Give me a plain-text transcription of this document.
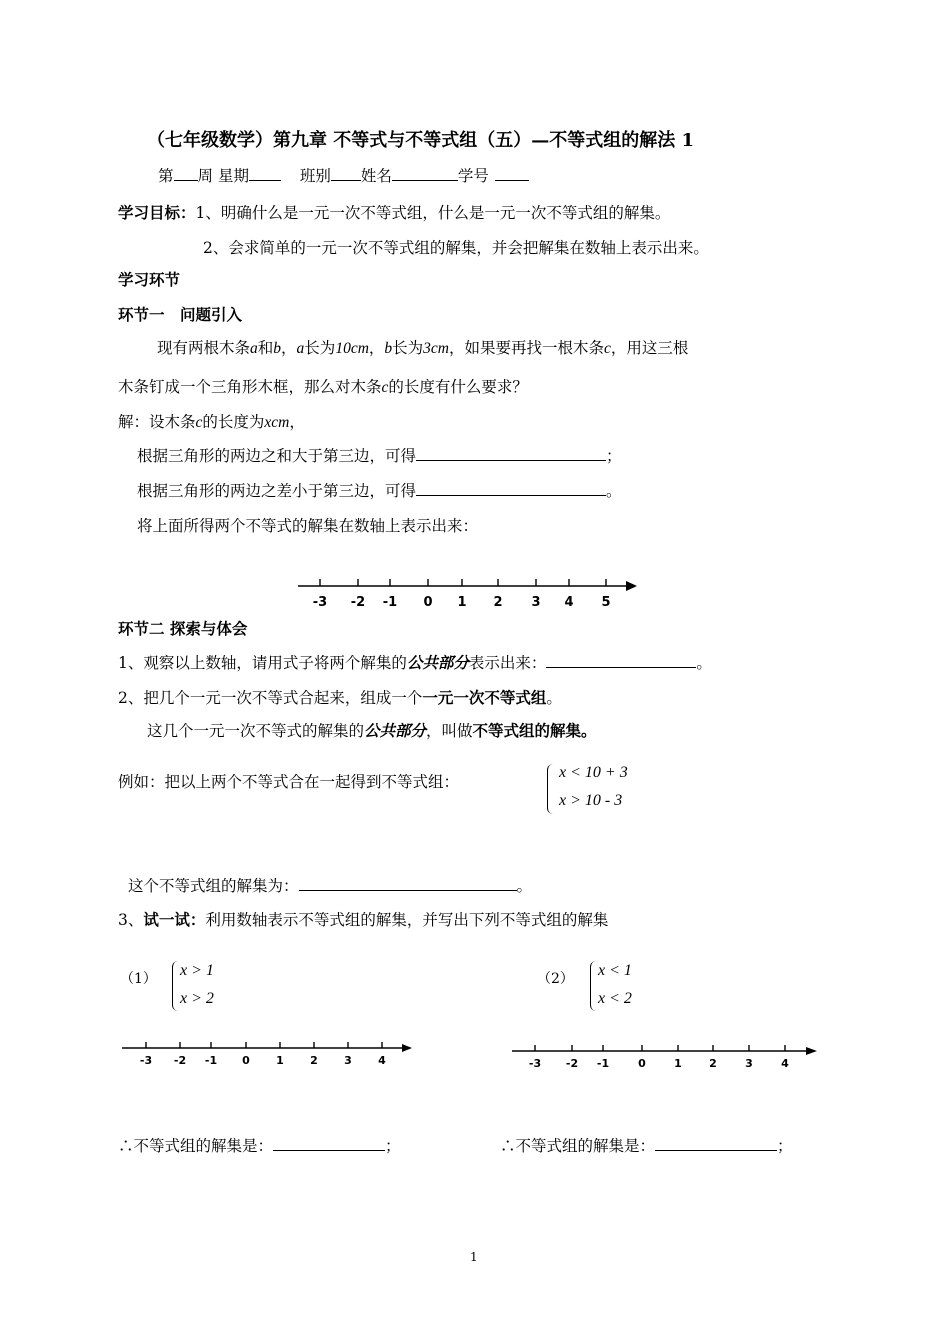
（七年级数学）第九章 不等式与不等式组（五）—不等式组的解法 1
第 周 星期	班别 姓名	学号
学习目标：1、明确什么是一元一次不等式组，什么是一元一次不等式组的解集。
2、会求简单的一元一次不等式组的解集，并会把解集在数轴上表示出来。
学习环节
环节一　问题引入
现有两根木条a和b，a长为10cm，b长为3cm，如果要再找一根木条c，用这三根
木条钉成一个三角形木框，那么对木条c的长度有什么要求？
解：设木条c的长度为xcm，
根据三角形的两边之和大于第三边，可得	；
根据三角形的两边之差小于第三边，可得	。
将上面所得两个不等式的解集在数轴上表示出来：
-3 -2 -1 0 1 2 3 4 5
环节二 探索与体会
1、观察以上数轴，请用式子将两个解集的公共部分表示出来：	。
2、把几个一元一次不等式合起来，组成一个一元一次不等式组。
这几个一元一次不等式的解集的公共部分，叫做不等式组的解集。
例如：把以上两个不等式合在一起得到不等式组：
x < 10 + 3
x > 10 - 3
这个不等式组的解集为：	。
3、试一试：利用数轴表示不等式组的解集，并写出下列不等式组的解集
（1） x > 1
x > 2
（2） x < 1
x < 2
-3 -2 -1 0 1 2 3 4	-3 -2 -1	0	1 2	3	4
∴不等式组的解集是：	；	∴不等式组的解集是：	；
1
